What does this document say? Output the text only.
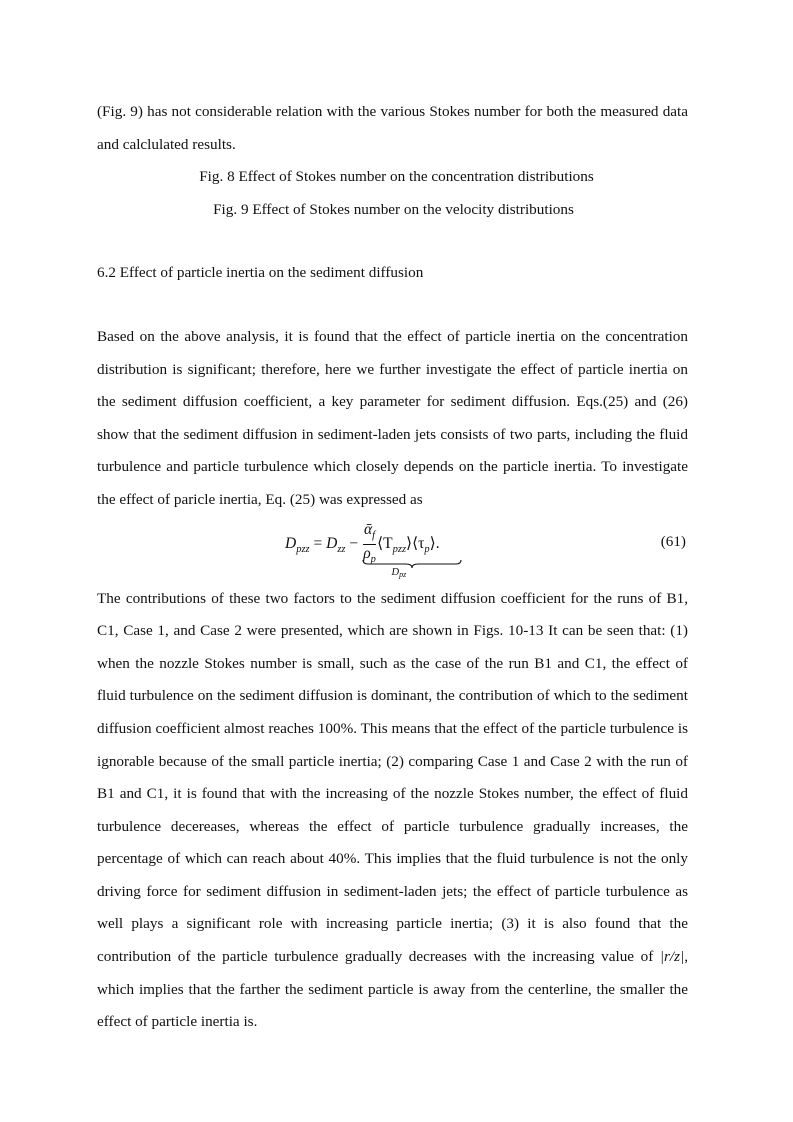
(Fig. 9) has not considerable relation with the various Stokes number for both the measured data and calclulated results.

Fig. 8 Effect of Stokes number on the concentration distributions

Fig. 9 Effect of Stokes number on the velocity distributions

6.2 Effect of particle inertia on the sediment diffusion

Based on the above analysis, it is found that the effect of particle inertia on the concentration distribution is significant; therefore, here we further investigate the effect of particle inertia on the sediment diffusion coefficient, a key parameter for sediment diffusion. Eqs.(25) and (26) show that the sediment diffusion in sediment-laden jets consists of two parts, including the fluid turbulence and particle turbulence which closely depends on the particle inertia. To investigate the effect of paricle inertia, Eq. (25) was expressed as

$D_{pzz} = D_{zz} - \frac{ᾱ_f}{\rho_p}$ $⟨T_{pzz}⟩⟨\tau_p⟩$
Dpz
.	(61)

The contributions of these two factors to the sediment diffusion coefficient for the runs of B1, C1, Case 1, and Case 2 were presented, which are shown in Figs. 10-13 It can be seen that: (1) when the nozzle Stokes number is small, such as the case of the run B1 and C1, the effect of fluid turbulence on the sediment diffusion is dominant, the contribution of which to the sediment diffusion coefficient almost reaches 100%. This means that the effect of the particle turbulence is ignorable because of the small particle inertia; (2) comparing Case 1 and Case 2 with the run of B1 and C1, it is found that with the increasing of the nozzle Stokes number, the effect of fluid turbulence decereases, whereas the effect of particle turbulence gradually increases, the percentage of which can reach about 40%. This implies that the fluid turbulence is not the only driving force for sediment diffusion in sediment-laden jets; the effect of particle turbulence as well plays a significant role with increasing particle inertia; (3) it is also found that the contribution of the particle turbulence gradually decreases with the increasing value of |r/z|, which implies that the farther the sediment particle is away from the centerline, the smaller the effect of particle inertia is.
